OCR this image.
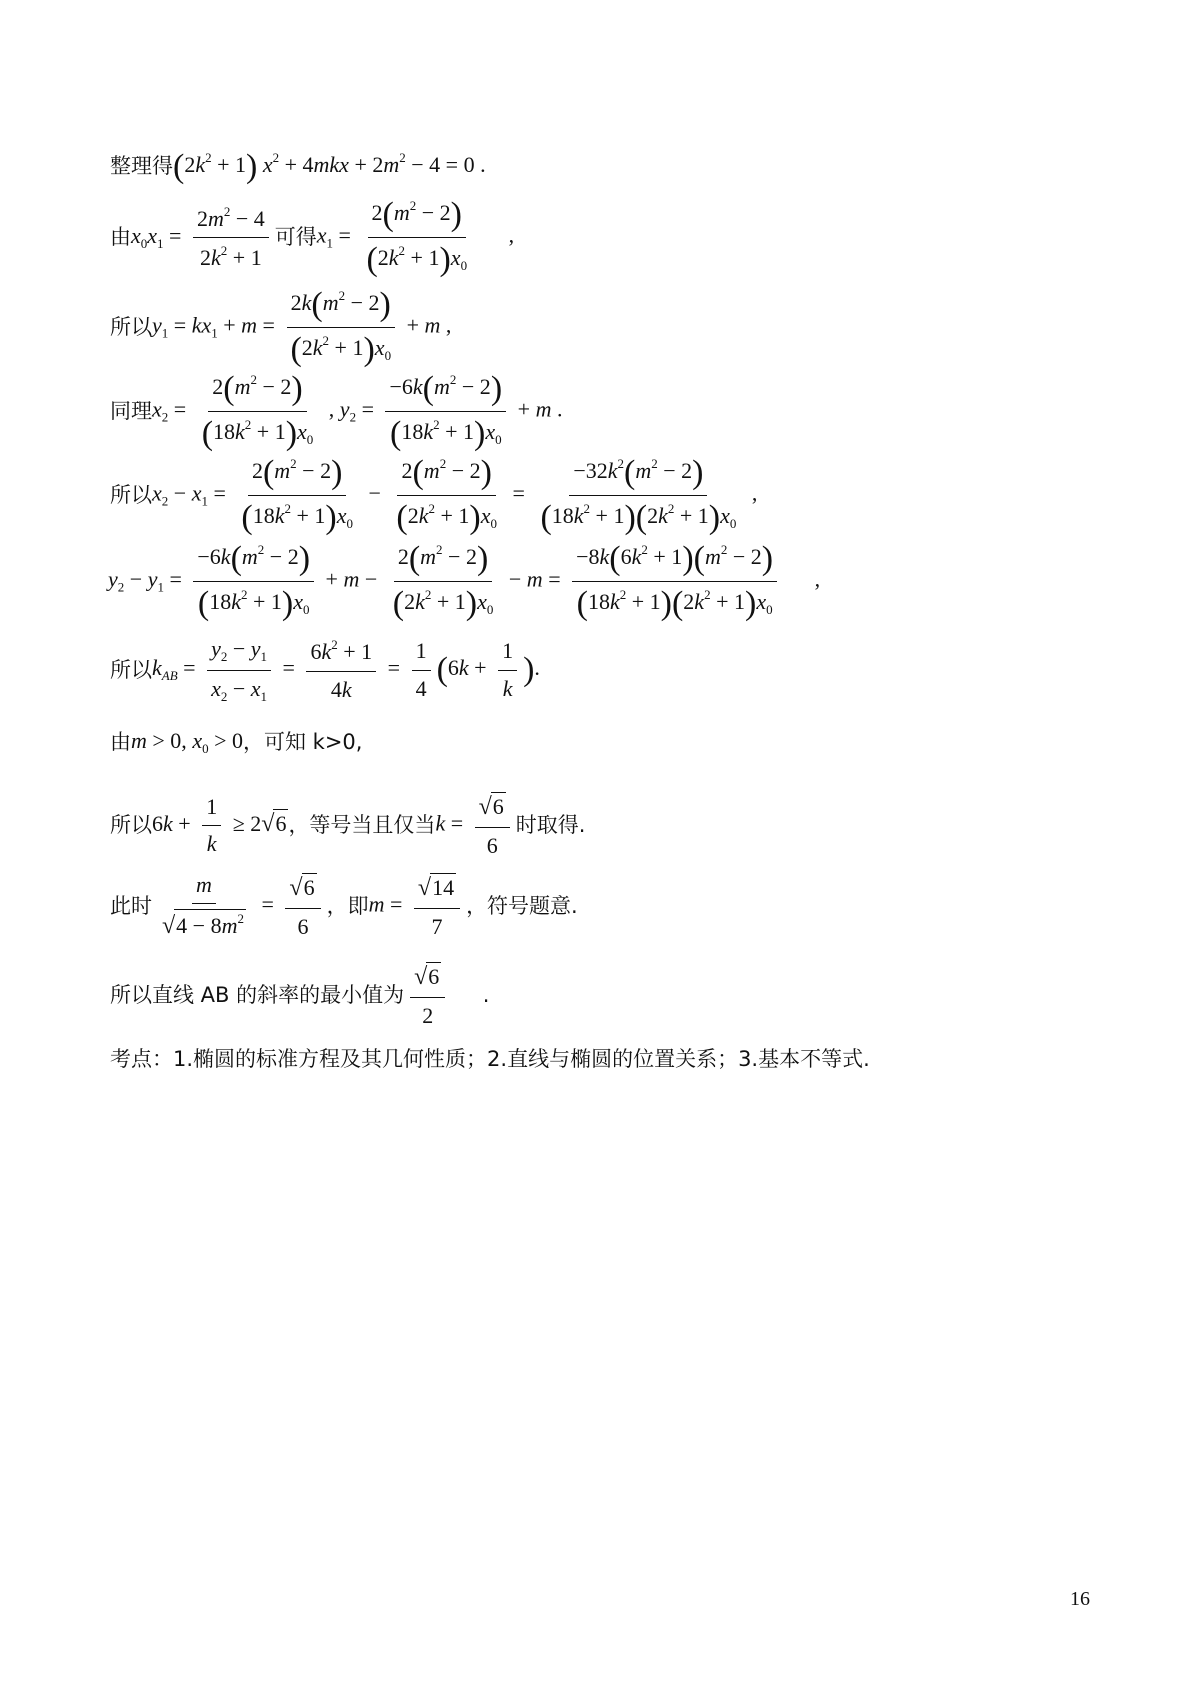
整理得 $(2k^2 + 1) x^2 + 4mkx + 2m^2 - 4 = 0$ .
由 $x_0x_1 = \frac{2m^2 - 4}{2k^2 + 1}$ 可得 $x_1 = \frac{2(m^2 - 2)}{(2k^2 + 1)x_0}$ ,
所以 $y_1 = kx_1 + m = \frac{2k(m^2 - 2)}{(2k^2 + 1)x_0} + m$ ,
同理 $x_2 = \frac{2(m^2 - 2)}{(18k^2 + 1)x_0}$ , $y_2 = \frac{-6k(m^2 - 2)}{(18k^2 + 1)x_0} + m$ .
所以 $x_2 - x_1 = \frac{2(m^2 - 2)}{(18k^2 + 1)x_0} - \frac{2(m^2 - 2)}{(2k^2 + 1)x_0} = \frac{-32k^2(m^2 - 2)}{(18k^2 + 1)(2k^2 + 1)x_0}$ ,
$y_2 - y_1 = \frac{-6k(m^2 - 2)}{(18k^2 + 1)x_0} + m - \frac{2(m^2 - 2)}{(2k^2 + 1)x_0} - m = \frac{-8k(6k^2 + 1)(m^2 - 2)}{(18k^2 + 1)(2k^2 + 1)x_0}$ ,
所以 $k_{AB} = \frac{y_2 - y_1}{x_2 - x_1} = \frac{6k^2 + 1}{4k} = \frac{1}{4} (6k + \frac{1}{k}$ ).
由 m > 0, $x_0 > 0$ ，可知 k>0,
所以 $6k + \frac{1}{k} \ge 2√6$ ，等号当且仅当 $k = \frac{√6}{6}$ 时取得.
此时 $\frac{m}{√4 - 8m^2} = \frac{√6}{6}$ ，即 $m = \frac{√14}{7}$ ，符号题意.
所以直线 AB 的斜率的最小值为 $\frac{√6}{2}$
.
考点：1.椭圆的标准方程及其几何性质；2.直线与椭圆的位置关系；3.基本不等式.
16
